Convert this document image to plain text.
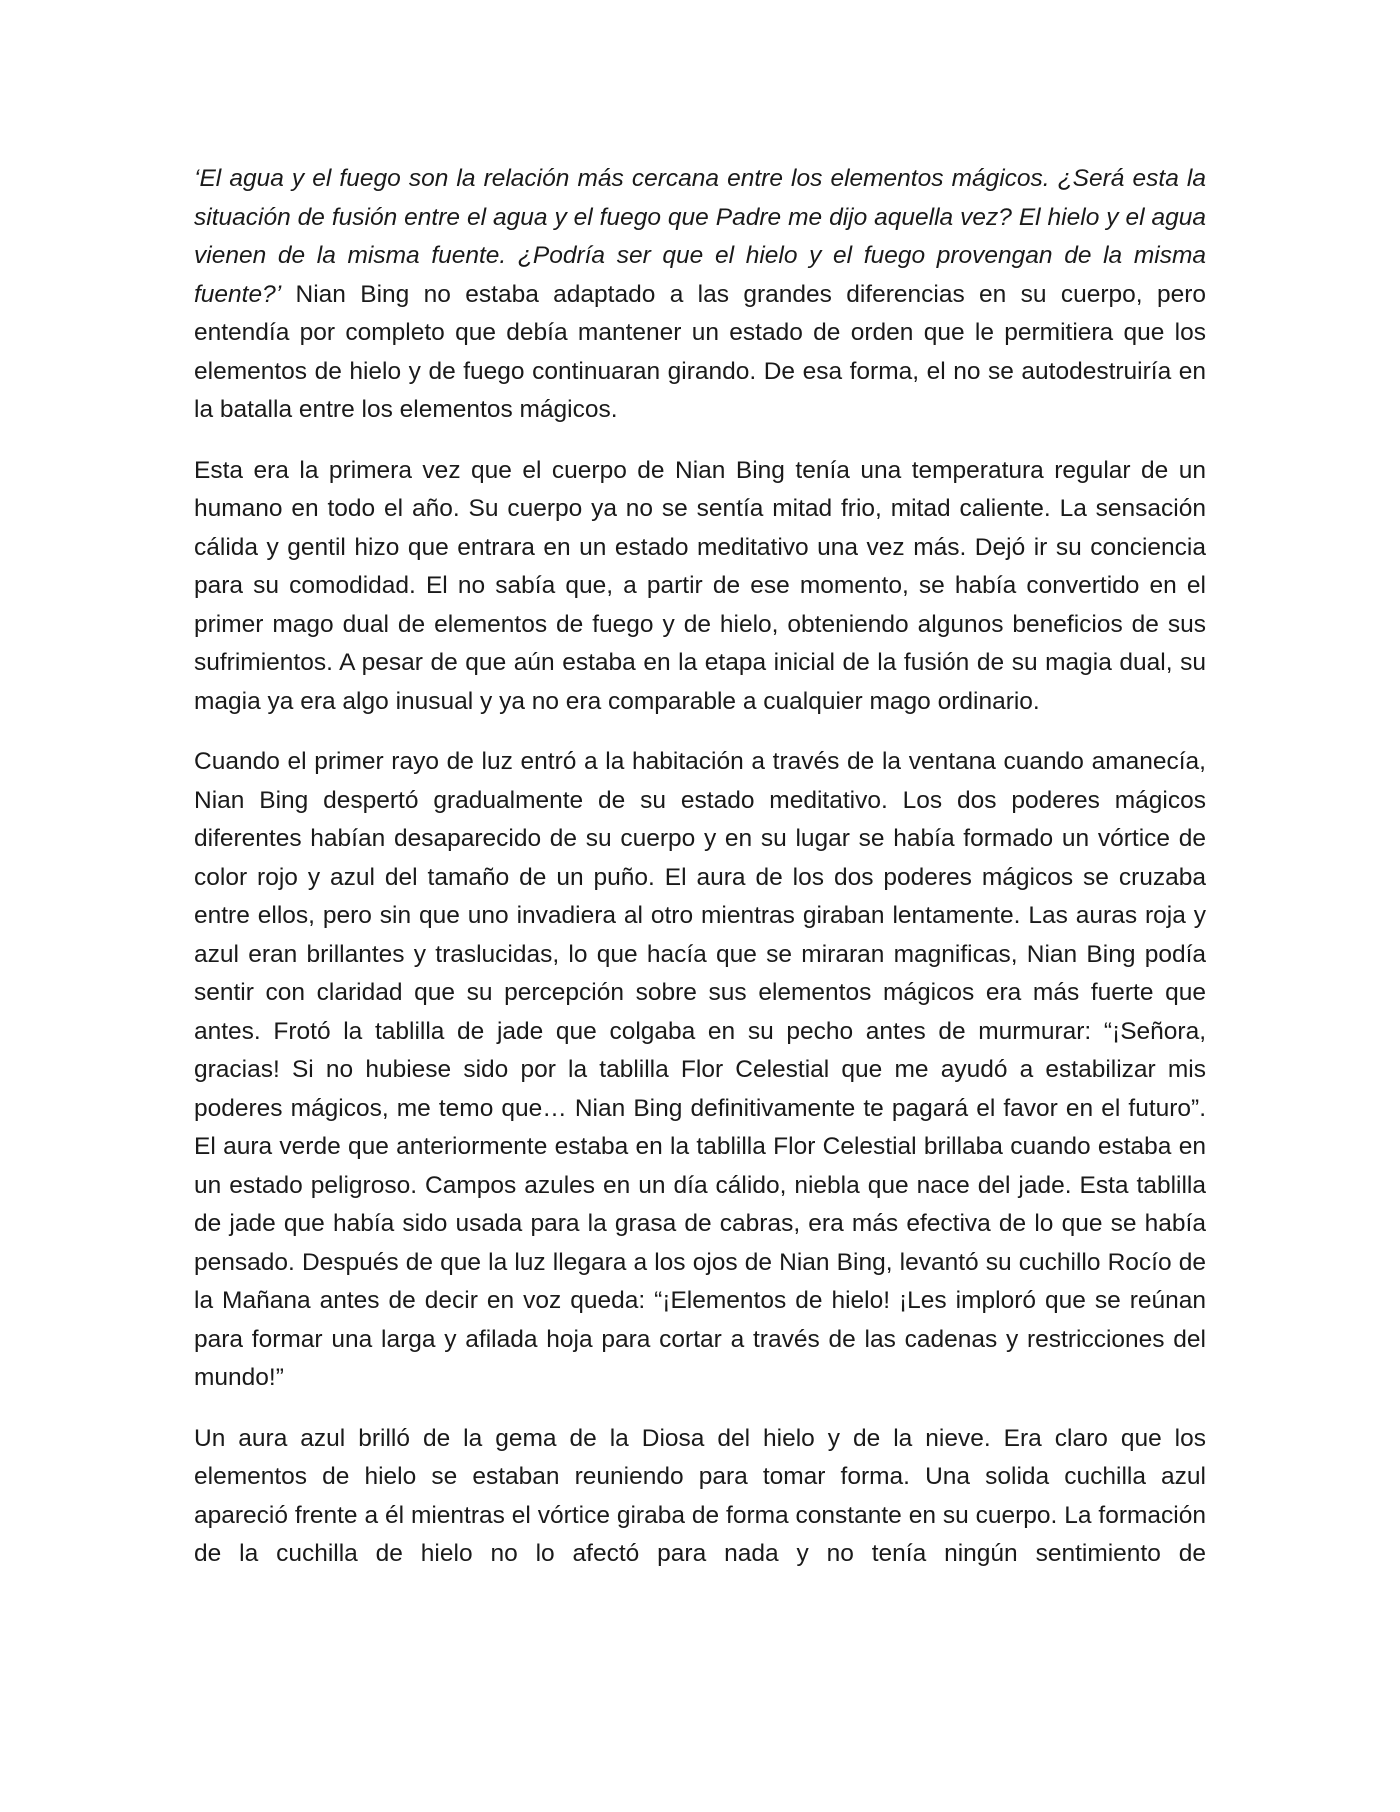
‘El agua y el fuego son la relación más cercana entre los elementos mágicos. ¿Será esta la situación de fusión entre el agua y el fuego que Padre me dijo aquella vez? El hielo y el agua vienen de la misma fuente. ¿Podría ser que el hielo y el fuego provengan de la misma fuente?’ Nian Bing no estaba adaptado a las grandes diferencias en su cuerpo, pero entendía por completo que debía mantener un estado de orden que le permitiera que los elementos de hielo y de fuego continuaran girando. De esa forma, el no se autodestruiría en la batalla entre los elementos mágicos.

Esta era la primera vez que el cuerpo de Nian Bing tenía una temperatura regular de un humano en todo el año. Su cuerpo ya no se sentía mitad frio, mitad caliente. La sensación cálida y gentil hizo que entrara en un estado meditativo una vez más. Dejó ir su conciencia para su comodidad. El no sabía que, a partir de ese momento, se había convertido en el primer mago dual de elementos de fuego y de hielo, obteniendo algunos beneficios de sus sufrimientos. A pesar de que aún estaba en la etapa inicial de la fusión de su magia dual, su magia ya era algo inusual y ya no era comparable a cualquier mago ordinario.

Cuando el primer rayo de luz entró a la habitación a través de la ventana cuando amanecía, Nian Bing despertó gradualmente de su estado meditativo. Los dos poderes mágicos diferentes habían desaparecido de su cuerpo y en su lugar se había formado un vórtice de color rojo y azul del tamaño de un puño. El aura de los dos poderes mágicos se cruzaba entre ellos, pero sin que uno invadiera al otro mientras giraban lentamente. Las auras roja y azul eran brillantes y traslucidas, lo que hacía que se miraran magnificas, Nian Bing podía sentir con claridad que su percepción sobre sus elementos mágicos era más fuerte que antes. Frotó la tablilla de jade que colgaba en su pecho antes de murmurar: “¡Señora, gracias! Si no hubiese sido por la tablilla Flor Celestial que me ayudó a estabilizar mis poderes mágicos, me temo que… Nian Bing definitivamente te pagará el favor en el futuro”. El aura verde que anteriormente estaba en la tablilla Flor Celestial brillaba cuando estaba en un estado peligroso. Campos azules en un día cálido, niebla que nace del jade. Esta tablilla de jade que había sido usada para la grasa de cabras, era más efectiva de lo que se había pensado. Después de que la luz llegara a los ojos de Nian Bing, levantó su cuchillo Rocío de la Mañana antes de decir en voz queda: “¡Elementos de hielo! ¡Les imploró que se reúnan para formar una larga y afilada hoja para cortar a través de las cadenas y restricciones del mundo!”

Un aura azul brilló de la gema de la Diosa del hielo y de la nieve. Era claro que los elementos de hielo se estaban reuniendo para tomar forma. Una solida cuchilla azul apareció frente a él mientras el vórtice giraba de forma constante en su cuerpo. La formación de la cuchilla de hielo no lo afectó para nada y no tenía ningún sentimiento de
